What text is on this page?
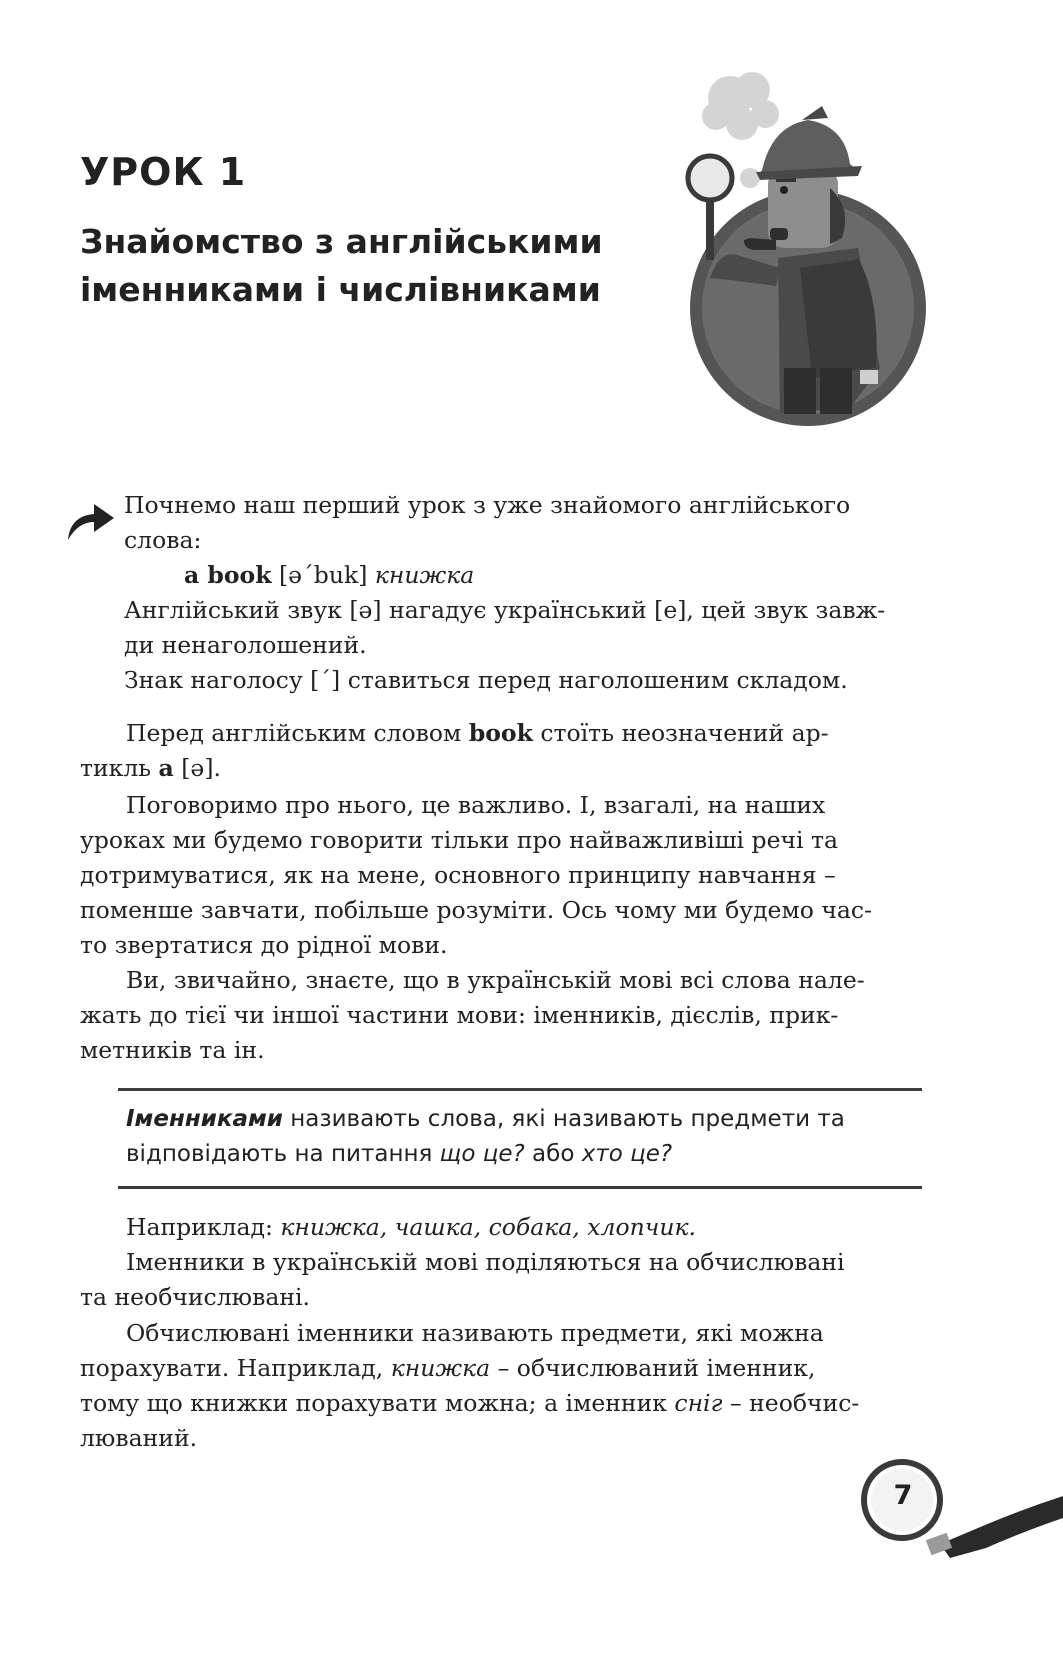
УРОК 1
Знайомство з англійськими
іменниками і числівниками

Почнемо наш перший урок з уже знайомого англійського

слова:

a book [əˊbuk] книжка

Англійський звук [ə] нагадує український [е], цей звук завж-

ди ненаголошений.

Знак наголосу [ˊ] ставиться перед наголошеним складом.

Перед англійським словом book стоїть неозначений ар-

тикль a [ə].

Поговоримо про нього, це важливо. І, взагалі, на наших

уроках ми будемо говорити тільки про найважливіші речі та

дотримуватися, як на мене, основного принципу навчання –

поменше завчати, побільше розуміти. Ось чому ми будемо час-

то звертатися до рідної мови.

Ви, звичайно, знаєте, що в українській мові всі слова нале-

жать до тієї чи іншої частини мови: іменників, дієслів, прик-

метників та ін.

Іменниками називають слова, які називають предмети та

відповідають на питання що це? або хто це?

Наприклад: книжка, чашка, собака, хлопчик.

Іменники в українській мові поділяються на обчислювані

та необчислювані.

Обчислювані іменники називають предмети, які можна

порахувати. Наприклад, книжка – обчислюваний іменник,

тому що книжки порахувати можна; а іменник сніг – необчис-

люваний.

7
